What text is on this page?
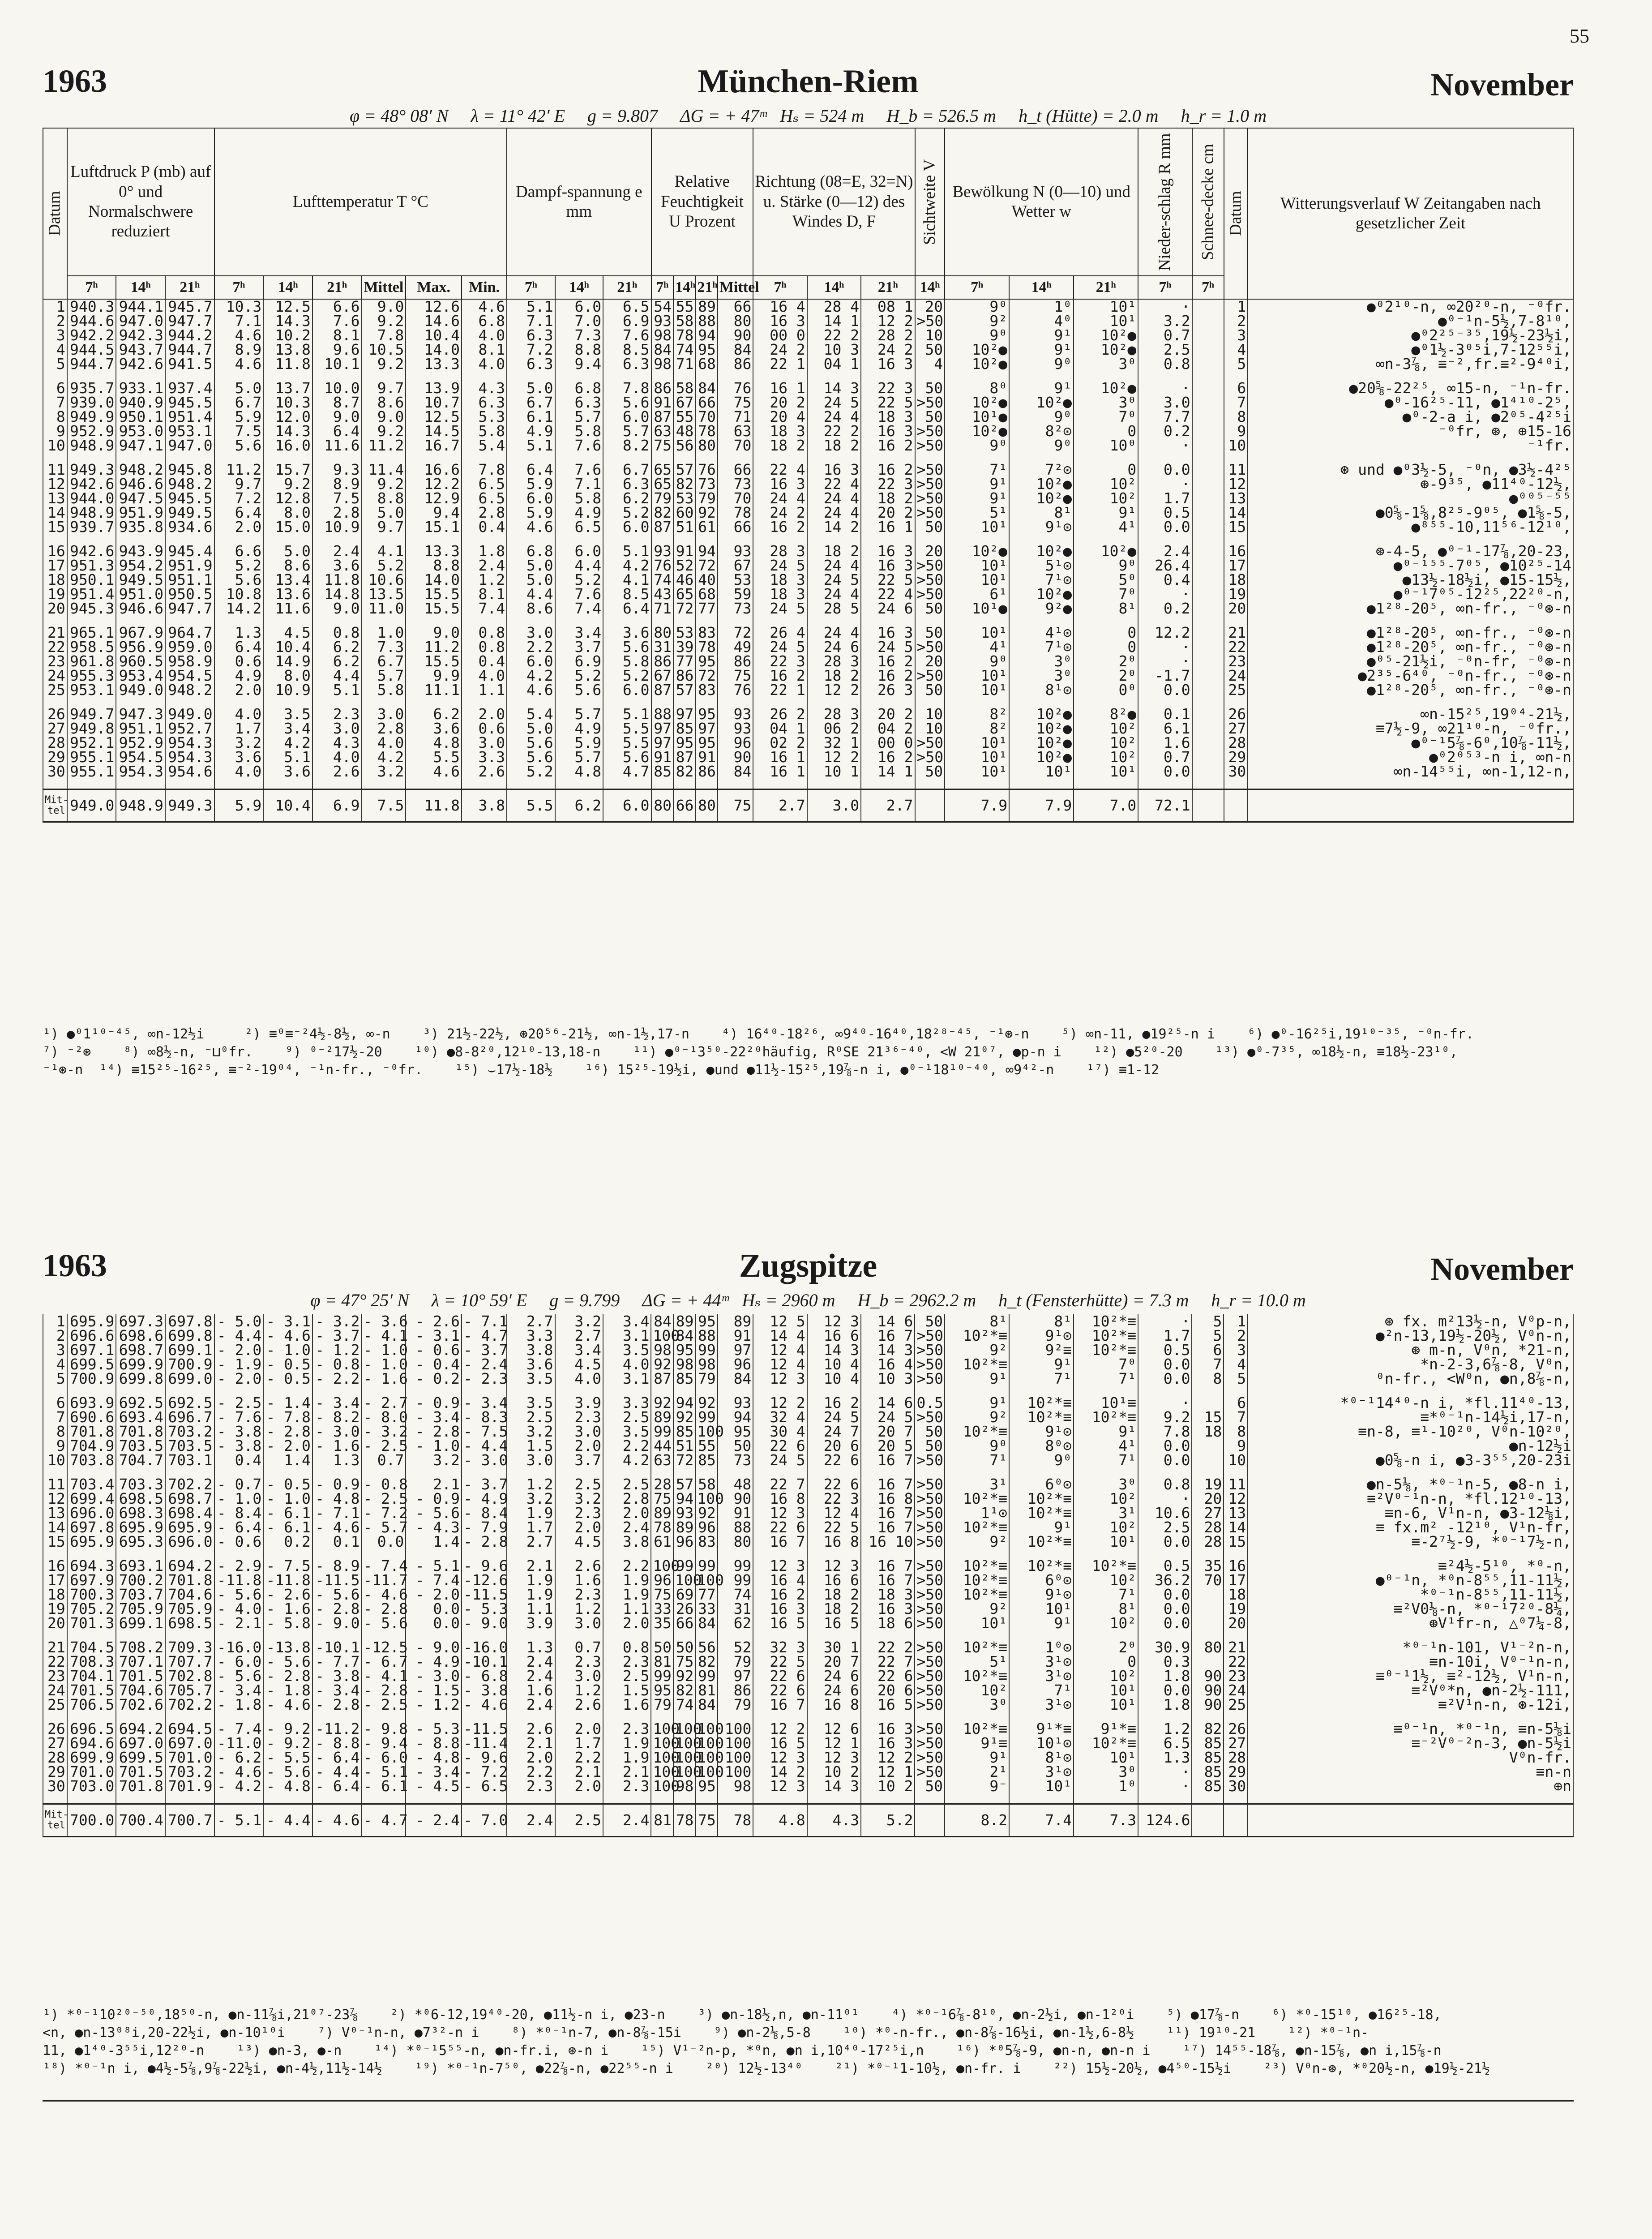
55
1963	München-Riem	November
φ = 48° 08′ N     λ = 11° 42′ E     g = 9.807     ΔG = + 47ᵐ   Hₛ = 524 m     H_b = 526.5 m     h_t (Hütte) = 2.0 m     h_r = 1.0 m
Datum	Luftdruck P (mb) auf 0° und Normalschwere reduziert			Lufttemperatur T °C						Dampf-spannung e mm			Relative Feuchtigkeit U Prozent				Richtung (08=E, 32=N) u. Stärke (0—12) des Windes D, F			Sichtweite V	Bewölkung N (0—10) und Wetter w			Nieder-schlag R mm	Schnee-decke cm	Datum	Witterungsverlauf W Zeitangaben nach gesetzlicher Zeit
	7ʰ	14ʰ	21ʰ	7ʰ	14ʰ	21ʰ	Mittel	Max.	Min.	7ʰ	14ʰ	21ʰ	7ʰ	14ʰ	21ʰ	Mittel	7ʰ	14ʰ	21ʰ	14ʰ	7ʰ	14ʰ	21ʰ	7ʰ	7ʰ		
1	940.3	944.1	945.7	10.3	12.5	6.6	9.0	12.6	4.6	5.1	6.0	6.5	54	55	89	66	16 4	28 4	08 1	20	9⁰	1⁰	10¹	·		1	●⁰2¹⁰-n, ∞20²⁰-n, ⁻⁰fr.
2	944.6	947.0	947.7	7.1	14.3	7.6	9.2	14.6	6.8	7.1	7.0	6.9	93	58	88	80	16 3	14 1	12 2	>50	9²	4⁰	10¹	3.2		2	●⁰⁻¹n-5½,7-8¹⁰,
3	942.2	942.3	944.2	4.6	10.2	8.1	7.8	10.4	4.0	6.3	7.3	7.6	98	78	94	90	00 0	22 2	28 2	10	9⁰	9¹	10²●	0.7		3	●⁰2²⁵⁻³⁵,19½-23½i,
4	944.5	943.7	944.7	8.9	13.8	9.6	10.5	14.0	8.1	7.2	8.8	8.5	84	74	95	84	24 2	10 3	24 2	50	10²●	9¹	10²●	2.5		4	●⁰1½-3⁰⁵i,7-12⁵⁵i,
5	944.7	942.6	941.5	4.6	11.8	10.1	9.2	13.3	4.0	6.3	9.4	6.3	98	71	68	86	22 1	04 1	16 3	4	10²●	9⁰	3⁰	0.8		5	∞n-3⅞, ≡⁻²,fr.≡²-9⁴⁰i,

6	935.7	933.1	937.4	5.0	13.7	10.0	9.7	13.9	4.3	5.0	6.8	7.8	86	58	84	76	16 1	14 3	22 3	50	8⁰	9¹	10²●	·		6	●20⅝-22²⁵, ∞15-n, ⁻¹n-fr.
7	939.0	940.9	945.5	6.7	10.3	8.7	8.6	10.7	6.3	6.7	6.3	5.6	91	67	66	75	20 2	24 5	22 5	>50	10²●	10²●	3⁰	3.0		7	●⁰-16²⁵-11, ●1⁴¹⁰-2⁵,
8	949.9	950.1	951.4	5.9	12.0	9.0	9.0	12.5	5.3	6.1	5.7	6.0	87	55	70	71	20 4	24 4	18 3	50	10¹●	9⁰	7⁰	7.7		8	●⁰-2-a i, ●2⁰⁵-4²⁵i
9	952.9	953.0	953.1	7.5	14.3	6.4	9.2	14.5	5.8	4.9	5.8	5.7	63	48	78	63	18 3	22 2	16 3	>50	10²●	8²⊙	0	0.2		9	⁻⁰fr, ⊛, ⊕15-16
10	948.9	947.1	947.0	5.6	16.0	11.6	11.2	16.7	5.4	5.1	7.6	8.2	75	56	80	70	18 2	18 2	16 2	>50	9⁰	9⁰	10⁰	·		10	⁻¹fr.

11	949.3	948.2	945.8	11.2	15.7	9.3	11.4	16.6	7.8	6.4	7.6	6.7	65	57	76	66	22 4	16 3	16 2	>50	7¹	7²⊙	0	0.0		11	⊛ und ●⁰3½-5, ⁻⁰n, ●3½-4²⁵
12	942.6	946.6	948.2	9.7	9.2	8.9	9.2	12.2	6.5	5.9	7.1	6.3	65	82	73	73	16 3	22 4	22 3	>50	9¹	10²●	10²	·		12	⊛-9³⁵, ●11⁴⁰-12½,
13	944.0	947.5	945.5	7.2	12.8	7.5	8.8	12.9	6.5	6.0	5.8	6.2	79	53	79	70	24 4	24 4	18 2	>50	9¹	10²●	10²	1.7		13	●⁰⁰⁵⁻⁵⁵
14	948.9	951.9	949.5	6.4	8.0	2.8	5.0	9.4	2.8	5.9	4.9	5.2	82	60	92	78	24 2	24 4	20 2	>50	5¹	8¹	9¹	0.5		14	●0⅝-1⅝,8²⁵-9⁰⁵, ●1⅝-5,
15	939.7	935.8	934.6	2.0	15.0	10.9	9.7	15.1	0.4	4.6	6.5	6.0	87	51	61	66	16 2	14 2	16 1	50	10¹	9¹⊙	4¹	0.0		15	●⁸⁵⁵-10,11⁵⁶-12¹⁰,

16	942.6	943.9	945.4	6.6	5.0	2.4	4.1	13.3	1.8	6.8	6.0	5.1	93	91	94	93	28 3	18 2	16 3	20	10²●	10²●	10²●	2.4		16	⊛-4-5, ●⁰⁻¹-17⅞,20-23,
17	951.3	954.2	951.9	5.2	8.6	3.6	5.2	8.8	2.4	5.0	4.4	4.2	76	52	72	67	24 5	24 4	16 3	>50	10¹	5¹⊙	9⁰	26.4		17	●⁰⁻¹⁵⁵-7⁰⁵, ●10²⁵-14
18	950.1	949.5	951.1	5.6	13.4	11.8	10.6	14.0	1.2	5.0	5.2	4.1	74	46	40	53	18 3	24 5	22 5	>50	10¹	7¹⊙	5⁰	0.4		18	●13½-18½i, ●15-15½,
19	951.4	951.0	950.5	10.8	13.6	14.8	13.5	15.5	8.1	4.4	7.6	8.5	43	65	68	59	18 3	24 4	22 4	>50	6¹	10²●	7⁰	·		19	●⁰⁻¹7⁰⁵-12²⁵,22²⁰-n,
20	945.3	946.6	947.7	14.2	11.6	9.0	11.0	15.5	7.4	8.6	7.4	6.4	71	72	77	73	24 5	28 5	24 6	50	10¹●	9²●	8¹	0.2		20	●1²⁸-20⁵, ∞n-fr., ⁻⁰⊛-n

21	965.1	967.9	964.7	1.3	4.5	0.8	1.0	9.0	0.8	3.0	3.4	3.6	80	53	83	72	26 4	24 4	16 3	50	10¹	4¹⊙	0	12.2		21	●1²⁸-20⁵, ∞n-fr., ⁻⁰⊛-n
22	958.5	956.9	959.0	6.4	10.4	6.2	7.3	11.2	0.8	2.2	3.7	5.6	31	39	78	49	24 5	24 6	24 5	>50	4¹	7¹⊙	0	·		22	●1²⁸-20⁵, ∞n-fr., ⁻⁰⊛-n
23	961.8	960.5	958.9	0.6	14.9	6.2	6.7	15.5	0.4	6.0	6.9	5.8	86	77	95	86	22 3	28 3	16 2	20	9⁰	3⁰	2⁰	·		23	●⁰⁵-21½i, ⁻⁰n-fr, ⁻⁰⊛-n
24	955.3	953.4	954.5	4.9	8.0	4.4	5.7	9.9	4.0	4.2	5.2	5.2	67	86	72	75	16 2	18 2	16 2	>50	10¹	3⁰	2⁰	-1.7		24	●2³⁵-6⁴⁰, ⁻⁰n-fr., ⁻⁰⊛-n
25	953.1	949.0	948.2	2.0	10.9	5.1	5.8	11.1	1.1	4.6	5.6	6.0	87	57	83	76	22 1	12 2	26 3	50	10¹	8¹⊙	0⁰	0.0		25	●1²⁸-20⁵, ∞n-fr., ⁻⁰⊛-n

26	949.7	947.3	949.0	4.0	3.5	2.3	3.0	6.2	2.0	5.4	5.7	5.1	88	97	95	93	26 2	28 3	20 2	10	8²	10²●	8²●	0.1		26	∞n-15²⁵,19⁰⁴-21½,
27	949.8	951.1	952.7	1.7	3.4	3.0	2.8	3.6	0.6	5.0	4.9	5.5	97	85	97	93	04 1	06 2	04 2	10	8²	10²●	10²	6.1		27	≡7½-9, ∞21¹⁰-n, ⁻⁰fr.,
28	952.1	952.9	954.3	3.2	4.2	4.3	4.0	4.8	3.0	5.6	5.9	5.5	97	95	95	96	02 2	32 1	00 0	>50	10¹	10²●	10²	1.6		28	●⁰⁻¹5⅞-6⁰,10⅞-11½,
29	955.1	954.5	954.3	3.6	5.1	4.0	4.2	5.5	3.3	5.6	5.7	5.6	91	87	91	90	16 1	12 2	16 2	>50	10¹	10²●	10²	0.7		29	●⁰2⁰⁵³-n i, ∞n-n
30	955.1	954.3	954.6	4.0	3.6	2.6	3.2	4.6	2.6	5.2	4.8	4.7	85	82	86	84	16 1	10 1	14 1	50	10¹	10¹	10¹	0.0		30	∞n-14⁵⁵i, ∞n-1,12-n,

Mit-tel	949.0	948.9	949.3	5.9	10.4	6.9	7.5	11.8	3.8	5.5	6.2	6.0	80	66	80	75	2.7	3.0	2.7		7.9	7.9	7.0	72.1			
¹) ●⁰1¹⁰⁻⁴⁵, ∞n-12½i     ²) ≡⁰≡⁻²4½-8½, ∞-n    ³) 21½-22½, ⊛20⁵⁶-21½, ∞n-1½,17-n    ⁴) 16⁴⁰-18²⁶, ∞9⁴⁰-16⁴⁰,18²⁸⁻⁴⁵, ⁻¹⊛-n    ⁵) ∞n-11, ●19²⁵-n i    ⁶) ●⁰-16²⁵i,19¹⁰⁻³⁵, ⁻⁰n-fr.
⁷) ⁻²⊛    ⁸) ∞8½-n, ⁻⊔⁰fr.    ⁹) ⁰⁻²17½-20    ¹⁰) ●8-8²⁰,12¹⁰-13,18-n    ¹¹) ●⁰⁻¹3⁵⁰-22²⁰häufig, R⁰SE 21³⁶⁻⁴⁰, <W 21⁰⁷, ●p-n i    ¹²) ●5²⁰-20    ¹³) ●⁰-7³⁵, ∞18½-n, ≡18½-23¹⁰,
⁻¹⊛-n  ¹⁴) ≡15²⁵-16²⁵, ≡⁻²-19⁰⁴, ⁻¹n-fr., ⁻⁰fr.    ¹⁵) ⌣17½-18½    ¹⁶) 15²⁵-19½i, ●und ●11½-15²⁵,19⅞-n i, ●⁰⁻¹18¹⁰⁻⁴⁰, ∞9⁴²-n    ¹⁷) ≡1-12
1963	Zugspitze	November
φ = 47° 25′ N     λ = 10° 59′ E     g = 9.799     ΔG = + 44ᵐ   Hₛ = 2960 m     H_b = 2962.2 m     h_t (Fensterhütte) = 7.3 m     h_r = 10.0 m
1	695.9	697.3	697.8	- 5.0	- 3.1	- 3.2	- 3.6	- 2.6	- 7.1	2.7	3.2	3.4	84	89	95	89	12 5	12 3	14 6	50	8¹	8¹	10²*≡	·	5	1	⊛ fx. m²13½-n, V⁰p-n,
2	696.6	698.6	699.8	- 4.4	- 4.6	- 3.7	- 4.1	- 3.1	- 4.7	3.3	2.7	3.1	100	84	88	91	14 4	16 6	16 7	>50	10²*≡	9¹⊙	10²*≡	1.7	5	2	●²n-13,19½-20½, V⁰n-n,
3	697.1	698.7	699.1	- 2.0	- 1.0	- 1.2	- 1.0	- 0.6	- 3.7	3.8	3.4	3.5	98	95	99	97	12 4	14 3	14 3	>50	9²	9²≡	10²*≡	0.5	6	3	⊛ m-n, V⁰n, *21-n,
4	699.5	699.9	700.9	- 1.9	- 0.5	- 0.8	- 1.0	- 0.4	- 2.4	3.6	4.5	4.0	92	98	98	96	12 4	10 4	16 4	>50	10²*≡	9¹	7⁰	0.0	7	4	*n-2-3,6⅞-8, V⁰n,
5	700.9	699.8	699.0	- 2.0	- 0.5	- 2.2	- 1.6	- 0.2	- 2.3	3.5	4.0	3.1	87	85	79	84	12 3	10 4	10 3	>50	9¹	7¹	7¹	0.0	8	5	⁰n-fr., <W⁰n, ●n,8⅞-n,

6	693.9	692.5	692.5	- 2.5	- 1.4	- 3.4	- 2.7	- 0.9	- 3.4	3.5	3.9	3.3	92	94	92	93	12 2	16 2	14 6	0.5	9¹	10²*≡	10¹≡	·		6	*⁰⁻¹14⁴⁰-n i, *fl.11⁴⁰-13,
7	690.6	693.4	696.7	- 7.6	- 7.8	- 8.2	- 8.0	- 3.4	- 8.3	2.5	2.3	2.5	89	92	99	94	32 4	24 5	24 5	>50	9²	10²*≡	10²*≡	9.2	15	7	≡*⁰⁻¹n-14½i,17-n,
8	701.8	701.8	703.2	- 3.8	- 2.8	- 3.0	- 3.2	- 2.8	- 7.5	3.2	3.0	3.5	99	85	100	95	30 4	24 7	20 7	50	10²*≡	9¹⊙	9¹	7.8	18	8	≡n-8, ≡¹-10²⁰, V⁰n-10²⁰,
9	704.9	703.5	703.5	- 3.8	- 2.0	- 1.6	- 2.5	- 1.0	- 4.4	1.5	2.0	2.2	44	51	55	50	22 6	20 6	20 5	50	9⁰	8⁰⊙	4¹	0.0		9	●n-12½i
10	703.8	704.7	703.1	0.4	1.4	1.3	0.7	3.2	- 3.0	3.0	3.7	4.2	63	72	85	73	24 5	22 6	16 7	>50	7¹	9⁰	7¹	0.0		10	●0⅝-n i, ●3-3⁵⁵,20-23i

11	703.4	703.3	702.2	- 0.7	- 0.5	- 0.9	- 0.8	2.1	- 3.7	1.2	2.5	2.5	28	57	58	48	22 7	22 6	16 7	>50	3¹	6⁰⊙	3⁰	0.8	19	11	●n-5⅛, *⁰⁻¹n-5, ●8-n i,
12	699.4	698.5	698.7	- 1.0	- 1.0	- 4.8	- 2.5	- 0.9	- 4.9	3.2	3.2	2.8	75	94	100	90	16 8	22 3	16 8	>50	10²*≡	10²*≡	10²	·	20	12	≡²V⁰⁻¹n-n, *fl.12¹⁰-13,
13	696.0	698.3	698.4	- 8.4	- 6.1	- 7.1	- 7.2	- 5.6	- 8.4	1.9	2.3	2.0	89	93	92	91	12 3	12 4	16 7	>50	1¹⊙	10²*≡	3¹	10.6	27	13	≡n-6, V¹n-n, ●3-12⅛i,
14	697.8	695.9	695.9	- 6.4	- 6.1	- 4.6	- 5.7	- 4.3	- 7.9	1.7	2.0	2.4	78	89	96	88	22 6	22 5	16 7	>50	10²*≡	9¹	10²	2.5	28	14	≡ fx.m² -12¹⁰, V¹n-fr,
15	695.9	695.3	696.0	- 0.6	0.2	0.1	0.0	1.4	- 2.8	2.7	4.5	3.8	61	96	83	80	16 7	16 8	16 10	>50	9²	10²*≡	10¹	0.0	28	15	≡-2⁷½-9, *⁰⁻¹7½-n,

16	694.3	693.1	694.2	- 2.9	- 7.5	- 8.9	- 7.4	- 5.1	- 9.6	2.1	2.6	2.2	100	99	99	99	12 3	12 3	16 7	>50	10²*≡	10²*≡	10²*≡	0.5	35	16	≡²4½-5¹⁰, *⁰-n,
17	697.9	700.2	701.8	-11.8	-11.8	-11.5	-11.7	- 7.4	-12.6	1.9	1.6	1.9	96	100	100	99	16 4	16 6	16 7	>50	10²*≡	6⁰⊙	10²	36.2	70	17	●⁰⁻¹n, *⁰n-8⁵⁵,11-11½,
18	700.3	703.7	704.6	- 5.6	- 2.6	- 5.6	- 4.6	- 2.0	-11.5	1.9	2.3	1.9	75	69	77	74	16 2	18 2	18 3	>50	10²*≡	9¹⊙	7¹	0.0		18	*⁰⁻¹n-8⁵⁵,11-11½,
19	705.2	705.9	705.9	- 4.0	- 1.6	- 2.8	- 2.8	0.0	- 5.3	1.1	1.2	1.1	33	26	33	31	16 3	18 2	16 3	>50	9²	10¹	8¹	0.0		19	≡²V0⅛-n, *⁰⁻¹7²⁰-8¼,
20	701.3	699.1	698.5	- 2.1	- 5.8	- 9.0	- 5.6	0.0	- 9.0	3.9	3.0	2.0	35	66	84	62	16 5	16 5	18 6	>50	10¹	9¹	10²	0.0		20	⊛V¹fr-n, △⁰7¼-8,

21	704.5	708.2	709.3	-16.0	-13.8	-10.1	-12.5	- 9.0	-16.0	1.3	0.7	0.8	50	50	56	52	32 3	30 1	22 2	>50	10²*≡	1⁰⊙	2⁰	30.9	80	21	*⁰⁻¹n-101, V¹⁻²n-n,
22	708.3	707.1	707.7	- 6.0	- 5.6	- 7.7	- 6.7	- 4.9	-10.1	2.4	2.3	2.3	81	75	82	79	22 5	20 7	22 7	>50	5¹	3¹⊙	0	0.3		22	≡n-10i, V⁰⁻¹n-n,
23	704.1	701.5	702.8	- 5.6	- 2.8	- 3.8	- 4.1	- 3.0	- 6.8	2.4	3.0	2.5	99	92	99	97	22 6	24 6	22 6	>50	10²*≡	3¹⊙	10²	1.8	90	23	≡⁰⁻¹1½, ≡²-12½, V¹n-n,
24	701.5	704.6	705.7	- 3.4	- 1.8	- 3.4	- 2.8	- 1.5	- 3.8	1.6	1.2	1.5	95	82	81	86	22 6	24 6	20 6	>50	10²	7¹	10¹	0.0	90	24	≡²V⁰*n, ●n-2½-111,
25	706.5	702.6	702.2	- 1.8	- 4.6	- 2.8	- 2.5	- 1.2	- 4.6	2.4	2.6	1.6	79	74	84	79	16 7	16 8	16 5	>50	3⁰	3¹⊙	10¹	1.8	90	25	≡²V¹n-n, ⊛-12i,

26	696.5	694.2	694.5	- 7.4	- 9.2	-11.2	- 9.8	- 5.3	-11.5	2.6	2.0	2.3	100	100	100	100	12 2	12 6	16 3	>50	10²*≡	9¹*≡	9¹*≡	1.2	82	26	≡⁰⁻¹n, *⁰⁻¹n, ≡n-5⅛i
27	694.6	697.0	697.0	-11.0	- 9.2	- 8.8	- 9.4	- 8.8	-11.4	2.1	1.7	1.9	100	100	100	100	16 5	12 1	16 3	>50	9¹≡	10¹⊙	10²*≡	6.5	85	27	≡⁻²V⁰⁻²n-3, ●n-5½i
28	699.9	699.5	701.0	- 6.2	- 5.5	- 6.4	- 6.0	- 4.8	- 9.6	2.0	2.2	1.9	100	100	100	100	12 3	12 3	12 2	>50	9¹	8¹⊙	10¹	1.3	85	28	V⁰n-fr.
29	701.0	701.5	703.2	- 4.6	- 5.6	- 4.4	- 5.1	- 3.4	- 7.2	2.2	2.1	2.1	100	100	100	100	14 2	10 2	12 1	>50	2¹	3¹⊙	3⁰	·	85	29	≡n-n
30	703.0	701.8	701.9	- 4.2	- 4.8	- 6.4	- 6.1	- 4.5	- 6.5	2.3	2.0	2.3	100	98	95	98	12 3	14 3	10 2	50	9⁻	10¹	1⁰	·	85	30	⊕n

Mit-tel	700.0	700.4	700.7	- 5.1	- 4.4	- 4.6	- 4.7	- 2.4	- 7.0	2.4	2.5	2.4	81	78	75	78	4.8	4.3	5.2		8.2	7.4	7.3	124.6			
¹) *⁰⁻¹10²⁰⁻⁵⁰,18⁵⁰-n, ●n-11⅞i,21⁰⁷-23⅞    ²) *⁰6-12,19⁴⁰-20, ●11½-n i, ●23-n    ³) ●n-18½,n, ●n-11⁰¹    ⁴) *⁰⁻¹6⅞-8¹⁰, ●n-2½i, ●n-1²⁰i    ⁵) ●17⅞-n    ⁶) *⁰-15¹⁰, ●16²⁵-18,
<n, ●n-13⁰⁸i,20-22½i, ●n-10¹⁰i    ⁷) V⁰⁻¹n-n, ●7³²-n i    ⁸) *⁰⁻¹n-7, ●n-8⅞-15i    ⁹) ●n-2⅛,5-8    ¹⁰) *⁰-n-fr., ●n-8⅞-16½i, ●n-1½,6-8½    ¹¹) 19¹⁰-21    ¹²) *⁰⁻¹n-
11, ●1⁴⁰-3⁵⁵i,12²⁰-n    ¹³) ●n-3, ●-n    ¹⁴) *⁰⁻¹5⁵⁵-n, ●n-fr.i, ⊛-n i    ¹⁵) V¹⁻²n-p, *⁰n, ●n i,10⁴⁰-17²⁵i,n    ¹⁶) *⁰5⅞-9, ●n-n, ●n-n i    ¹⁷) 14⁵⁵-18⅞, ●n-15⅞, ●n i,15⅞-n
¹⁸) *⁰⁻¹n i, ●4½-5⅞,9⅞-22½i, ●n-4½,11½-14½    ¹⁹) *⁰⁻¹n-7⁵⁰, ●22⅞-n, ●22⁵⁵-n i    ²⁰) 12½-13⁴⁰    ²¹) *⁰⁻¹1-10½, ●n-fr. i    ²²) 15½-20½, ●4⁵⁰-15½i    ²³) V⁰n-⊛, *⁰20½-n, ●19½-21½
